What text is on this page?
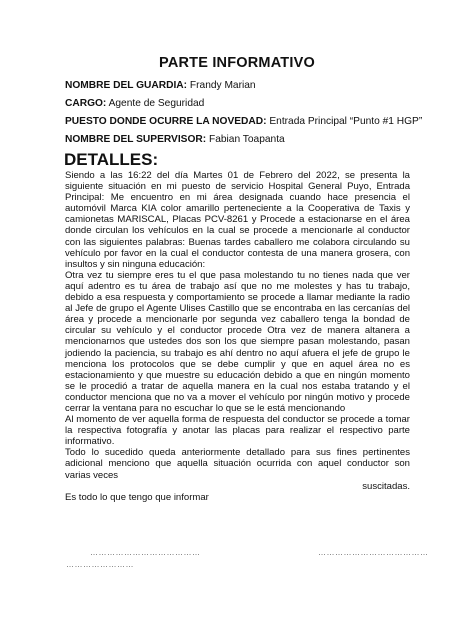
PARTE INFORMATIVO
NOMBRE DEL GUARDIA: Frandy Marian
CARGO: Agente de Seguridad
PUESTO DONDE OCURRE LA NOVEDAD: Entrada Principal “Punto #1 HGP”
NOMBRE DEL SUPERVISOR: Fabian Toapanta
DETALLES:

Siendo a las 16:22 del día Martes 01 de Febrero del 2022, se presenta la siguiente situación en mi puesto de servicio Hospital General Puyo, Entrada Principal: Me encuentro en mi área designada cuando hace presencia el automóvil Marca KIA color amarillo perteneciente a la Cooperativa de Taxis y camionetas MARISCAL, Placas PCV-8261 y Procede a estacionarse en el área donde circulan los vehículos en la cual se procede a mencionarle al conductor con las siguientes palabras: Buenas tardes caballero me colabora circulando su vehículo por favor en la cual el conductor contesta de una manera grosera, con insultos y sin ninguna educación:

Otra vez tu siempre eres tu el que pasa molestando tu no tienes nada que ver aquí adentro es tu área de trabajo así que no me molestes y has tu trabajo, debido a esa respuesta y comportamiento se procede a llamar mediante la radio al Jefe de grupo el Agente Ulises Castillo que se encontraba en las cercanías del área y procede a mencionarle por segunda vez caballero tenga la bondad de circular su vehículo y el conductor procede Otra vez de manera altanera a mencionarnos que ustedes dos son los que siempre pasan molestando, pasan jodiendo la paciencia, su trabajo es ahí dentro no aquí afuera el jefe de grupo le menciona los protocolos que se debe cumplir y que en aquel área no es estacionamiento y que muestre su educación debido a que en ningún momento se le procedió a tratar de aquella manera en la cual nos estaba tratando y el conductor menciona que no va a mover el vehículo por ningún motivo y procede cerrar la ventana para no escuchar lo que se le está mencionando

Al momento de ver aquella forma de respuesta del conductor se procede a tomar la respectiva fotografía y anotar las placas para realizar el respectivo parte informativo.

Todo lo sucedido queda anteriormente detallado para sus fines pertinentes adicional menciono que aquella situación ocurrida con aquel conductor son varias veces

suscitadas.

Es todo lo que tengo que informar

…………………………………	…………………………………
……………………
